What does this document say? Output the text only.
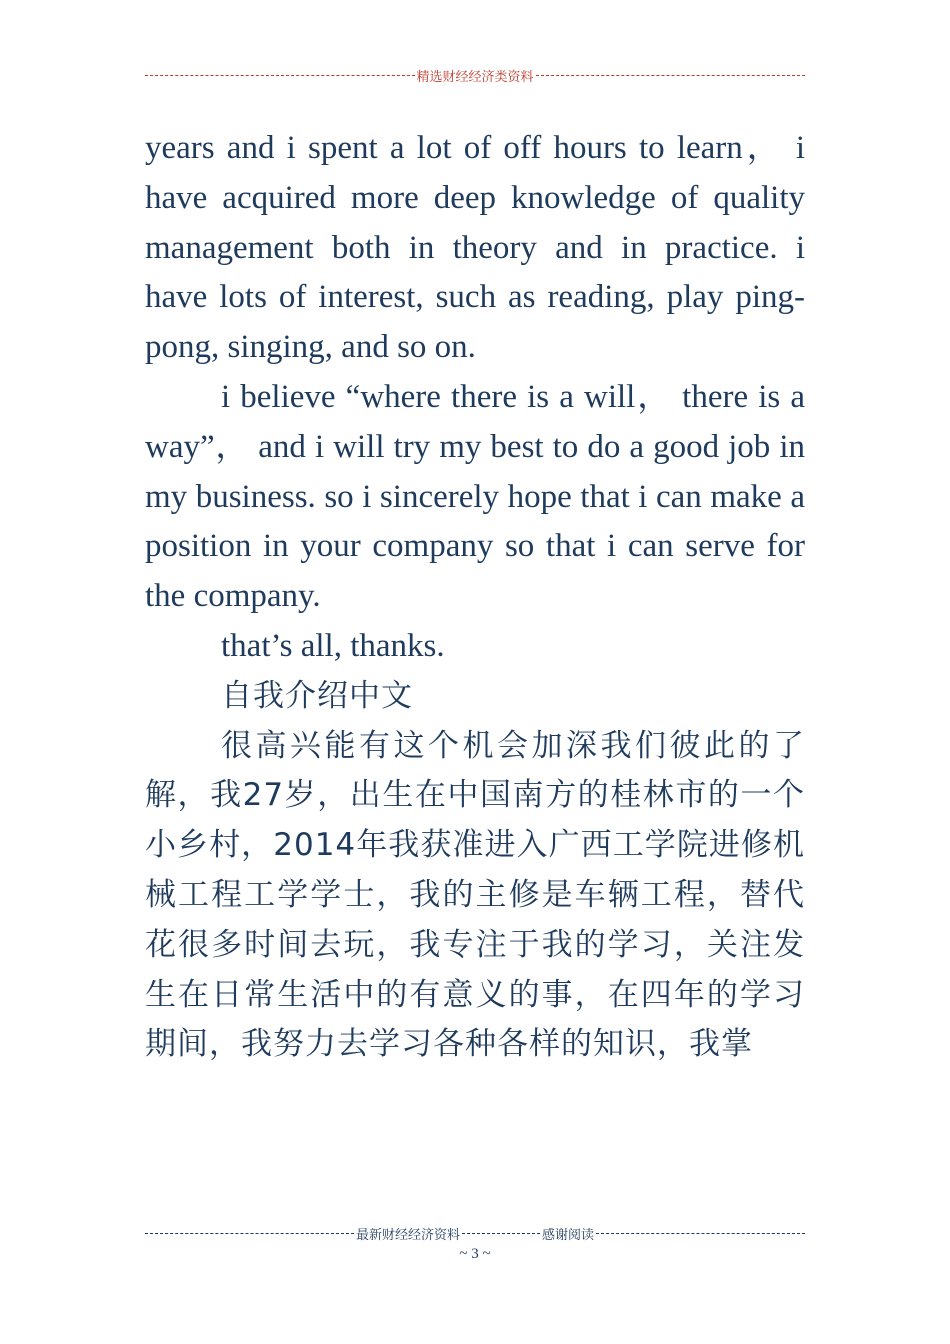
精选财经经济类资料

years and i spent a lot of off hours to learn， i have acquired more deep knowledge of quality management both in theory and in practice. i have lots of interest, such as reading, play ping-pong, singing, and so on.

i believe “where there is a will， there is a way”， and i will try my best to do a good job in my business. so i sincerely hope that i can make a position in your company so that i can serve for the company.

that’s all, thanks.

自我介绍中文

很高兴能有这个机会加深我们彼此的了解，我27岁，出生在中国南方的桂林市的一个小乡村，2014年我获准进入广西工学院进修机械工程工学学士，我的主修是车辆工程，替代花很多时间去玩，我专注于我的学习，关注发生在日常生活中的有意义的事，在四年的学习期间，我努力去学习各种各样的知识，我掌

最新财经经济资料	感谢阅读
~ 3 ~
